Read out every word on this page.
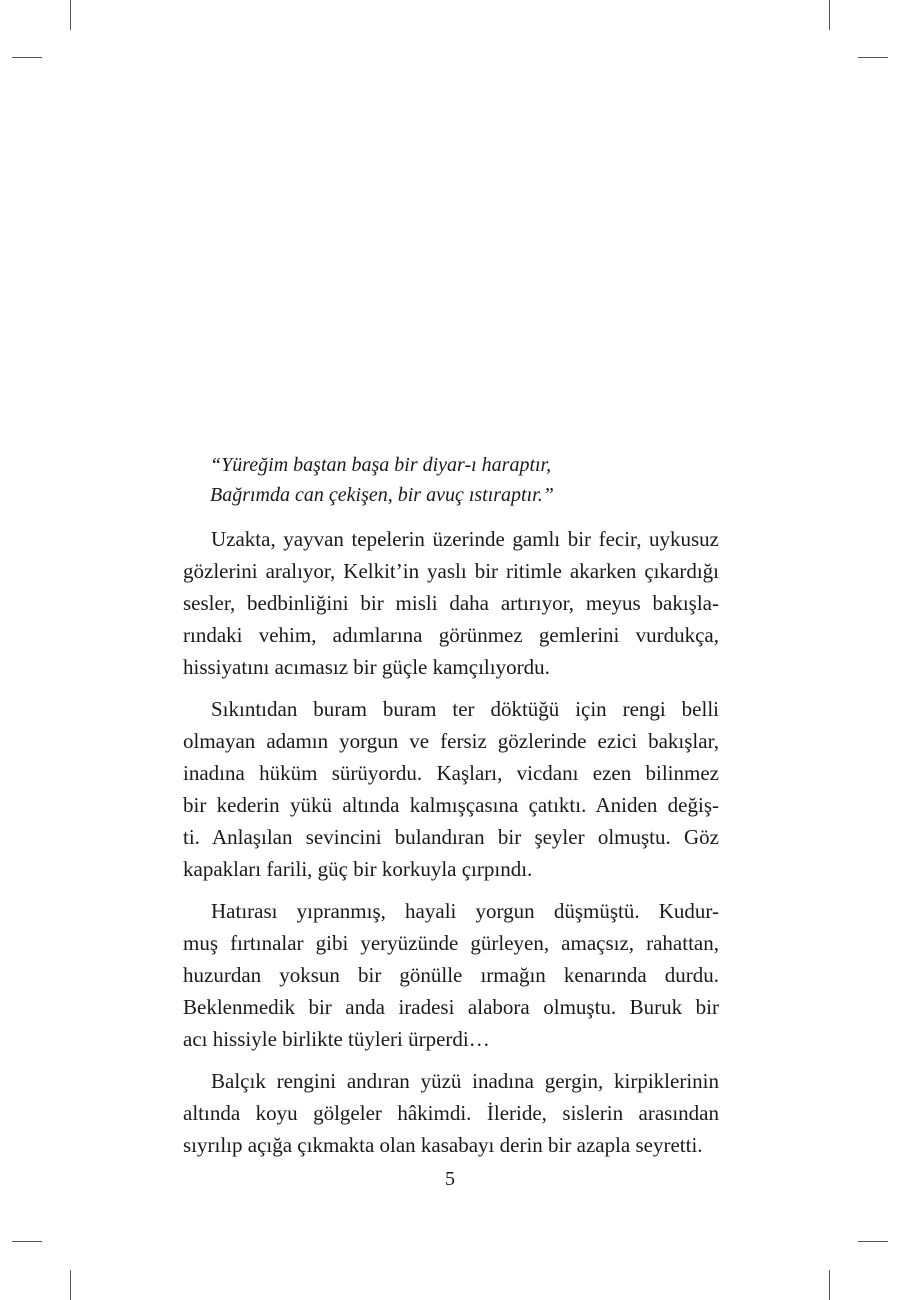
“Yüreğim baştan başa bir diyar-ı haraptır,
Bağrımda can çekişen, bir avuç ıstıraptır.”

Uzakta, yayvan tepelerin üzerinde gamlı bir fecir, uykusuz
gözlerini aralıyor, Kelkit’in yaslı bir ritimle akarken çıkardığı
sesler, bedbinliğini bir misli daha artırıyor, meyus bakışla-
rındaki vehim, adımlarına görünmez gemlerini vurdukça,
hissiyatını acımasız bir güçle kamçılıyordu.

Sıkıntıdan buram buram ter döktüğü için rengi belli
olmayan adamın yorgun ve fersiz gözlerinde ezici bakışlar,
inadına hüküm sürüyordu. Kaşları, vicdanı ezen bilinmez
bir kederin yükü altında kalmışçasına çatıktı. Aniden değiş-
ti. Anlaşılan sevincini bulandıran bir şeyler olmuştu. Göz
kapakları farili, güç bir korkuyla çırpındı.

Hatırası yıpranmış, hayali yorgun düşmüştü. Kudur-
muş fırtınalar gibi yeryüzünde gürleyen, amaçsız, rahattan,
huzurdan yoksun bir gönülle ırmağın kenarında durdu.
Beklenmedik bir anda iradesi alabora olmuştu. Buruk bir
acı hissiyle birlikte tüyleri ürperdi…

Balçık rengini andıran yüzü inadına gergin, kirpiklerinin
altında koyu gölgeler hâkimdi. İleride, sislerin arasından
sıyrılıp açığa çıkmakta olan kasabayı derin bir azapla seyretti.

5
